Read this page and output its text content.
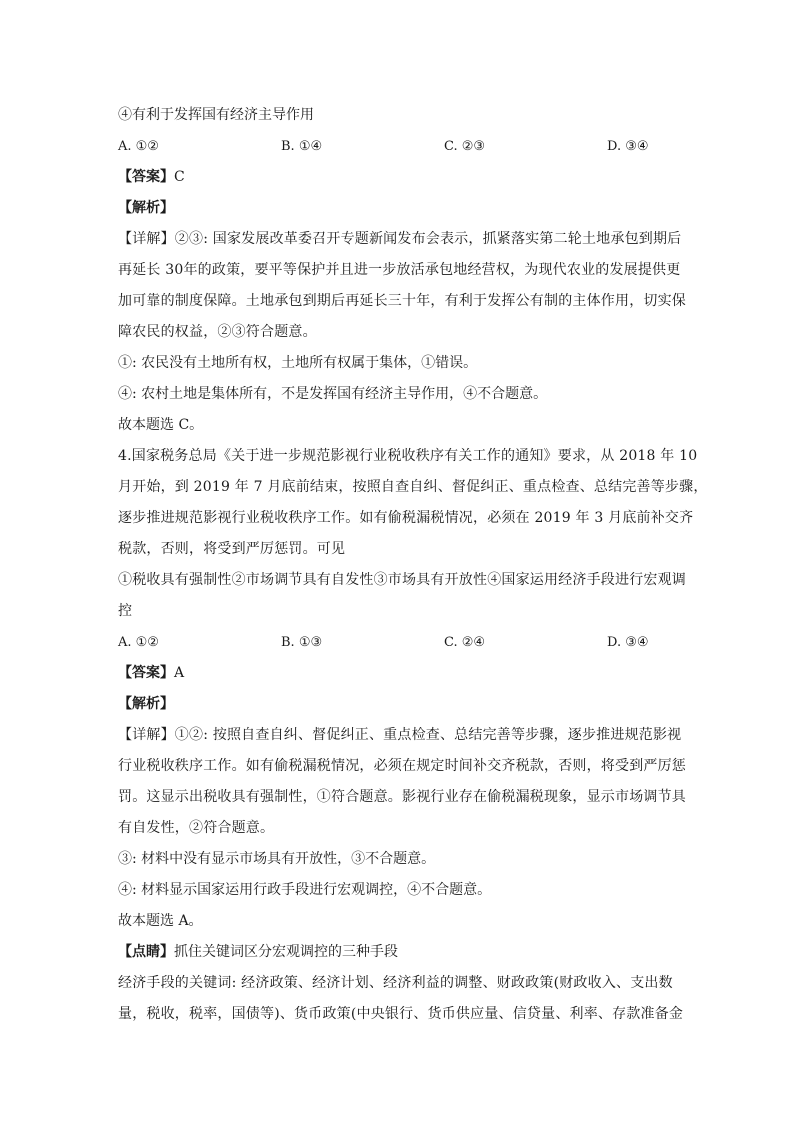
④有利于发挥国有经济主导作用
A. ①②	B. ①④	C. ②③	D. ③④
【答案】C
【解析】
【详解】②③: 国家发展改革委召开专题新闻发布会表示，抓紧落实第二轮土地承包到期后
再延长 30年的政策，要平等保护并且进一步放活承包地经营权，为现代农业的发展提供更
加可靠的制度保障。土地承包到期后再延长三十年，有利于发挥公有制的主体作用，切实保
障农民的权益，②③符合题意。
①: 农民没有土地所有权，土地所有权属于集体，①错误。
④: 农村土地是集体所有，不是发挥国有经济主导作用，④不合题意。
故本题选 C。
4.国家税务总局《关于进一步规范影视行业税收秩序有关工作的通知》要求，从 2018 年 10
月开始，到 2019 年 7 月底前结束，按照自查自纠、督促纠正、重点检查、总结完善等步骤，
逐步推进规范影视行业税收秩序工作。如有偷税漏税情况，必须在 2019 年 3 月底前补交齐
税款，否则，将受到严厉惩罚。可见
①税收具有强制性②市场调节具有自发性③市场具有开放性④国家运用经济手段进行宏观调
控
A. ①②	B. ①③	C. ②④	D. ③④
【答案】A
【解析】
【详解】①②: 按照自查自纠、督促纠正、重点检查、总结完善等步骤，逐步推进规范影视
行业税收秩序工作。如有偷税漏税情况，必须在规定时间补交齐税款，否则，将受到严厉惩
罚。这显示出税收具有强制性，①符合题意。影视行业存在偷税漏税现象，显示市场调节具
有自发性，②符合题意。
③: 材料中没有显示市场具有开放性，③不合题意。
④: 材料显示国家运用行政手段进行宏观调控，④不合题意。
故本题选 A。
【点睛】抓住关键词区分宏观调控的三种手段
经济手段的关键词: 经济政策、经济计划、经济利益的调整、财政政策(财政收入、支出数
量，税收，税率，国债等)、货币政策(中央银行、货币供应量、信贷量、利率、存款准备金
